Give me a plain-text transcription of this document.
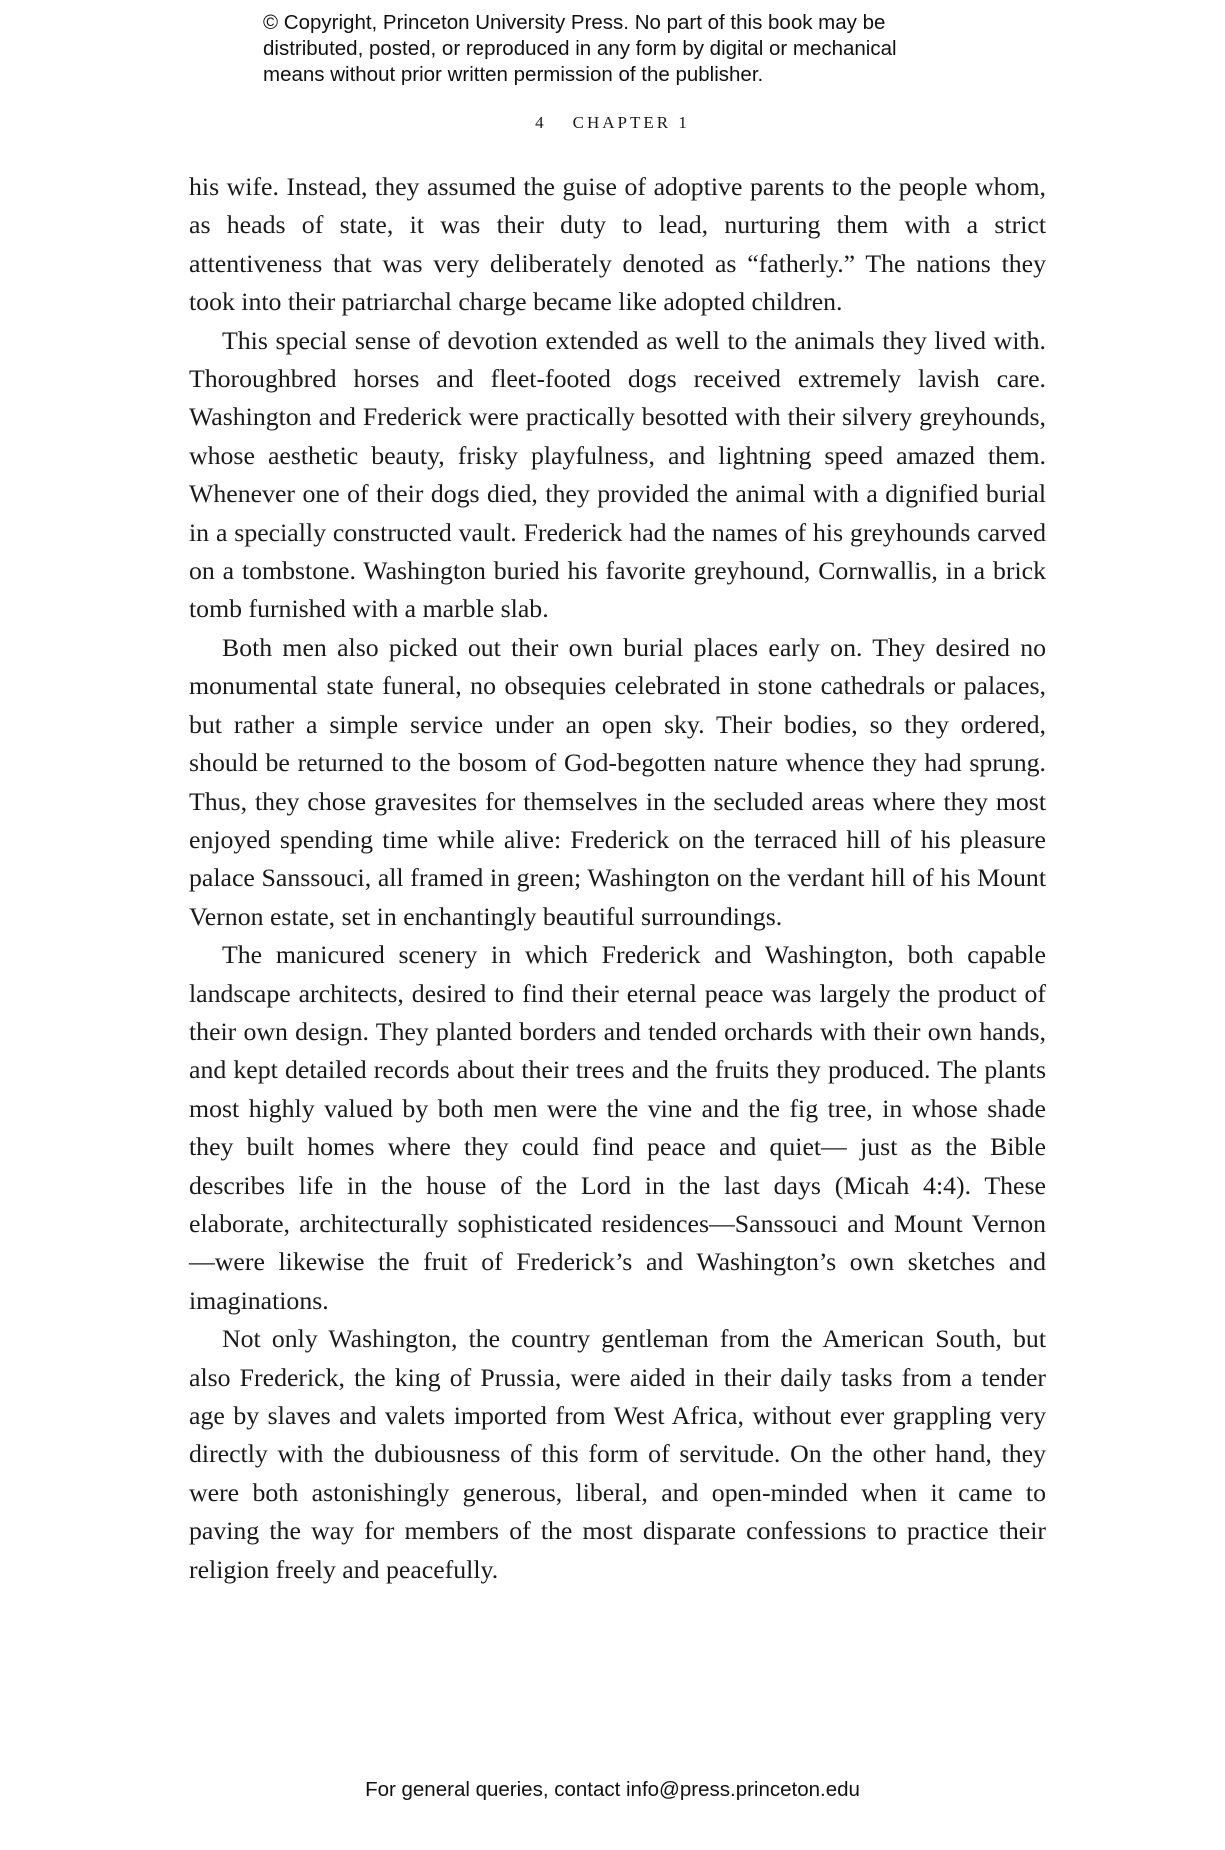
© Copyright, Princeton University Press. No part of this book may be
distributed, posted, or reproduced in any form by digital or mechanical
means without prior written permission of the publisher.
4 CHAPTER 1

his wife. Instead, they assumed the guise of adoptive parents to the people whom, as heads of state, it was their duty to lead, nurturing them with a strict attentiveness that was very deliberately denoted as “fatherly.” The nations they took into their patriarchal charge became like adopted children.

This special sense of devotion extended as well to the animals they lived with. Thoroughbred horses and fleet-footed dogs received extremely lavish care. Washington and Frederick were practically besotted with their silvery greyhounds, whose aesthetic beauty, frisky playfulness, and lightning speed amazed them. Whenever one of their dogs died, they provided the animal with a dignified burial in a specially constructed vault. Frederick had the names of his greyhounds carved on a tombstone. Washington buried his favorite greyhound, Cornwallis, in a brick tomb furnished with a marble slab.

Both men also picked out their own burial places early on. They desired no monumental state funeral, no obsequies celebrated in stone cathedrals or palaces, but rather a simple service under an open sky. Their bodies, so they ordered, should be returned to the bosom of God-begotten nature whence they had sprung. Thus, they chose gravesites for themselves in the secluded areas where they most enjoyed spending time while alive: Frederick on the terraced hill of his pleasure palace Sanssouci, all framed in green; Washington on the verdant hill of his Mount Vernon estate, set in enchantingly beautiful surroundings.

The manicured scenery in which Frederick and Washington, both capable landscape architects, desired to find their eternal peace was largely the product of their own design. They planted borders and tended orchards with their own hands, and kept detailed records about their trees and the fruits they produced. The plants most highly valued by both men were the vine and the fig tree, in whose shade they built homes where they could find peace and quiet— just as the Bible describes life in the house of the Lord in the last days (Micah 4:4). These elaborate, architecturally sophisticated residences—Sanssouci and Mount Vernon—were likewise the fruit of Frederick’s and Washington’s own sketches and imaginations.

Not only Washington, the country gentleman from the American South, but also Frederick, the king of Prussia, were aided in their daily tasks from a tender age by slaves and valets imported from West Africa, without ever grappling very directly with the dubiousness of this form of servitude. On the other hand, they were both astonishingly generous, liberal, and open-minded when it came to paving the way for members of the most disparate confessions to practice their religion freely and peacefully.

For general queries, contact info@press.princeton.edu
